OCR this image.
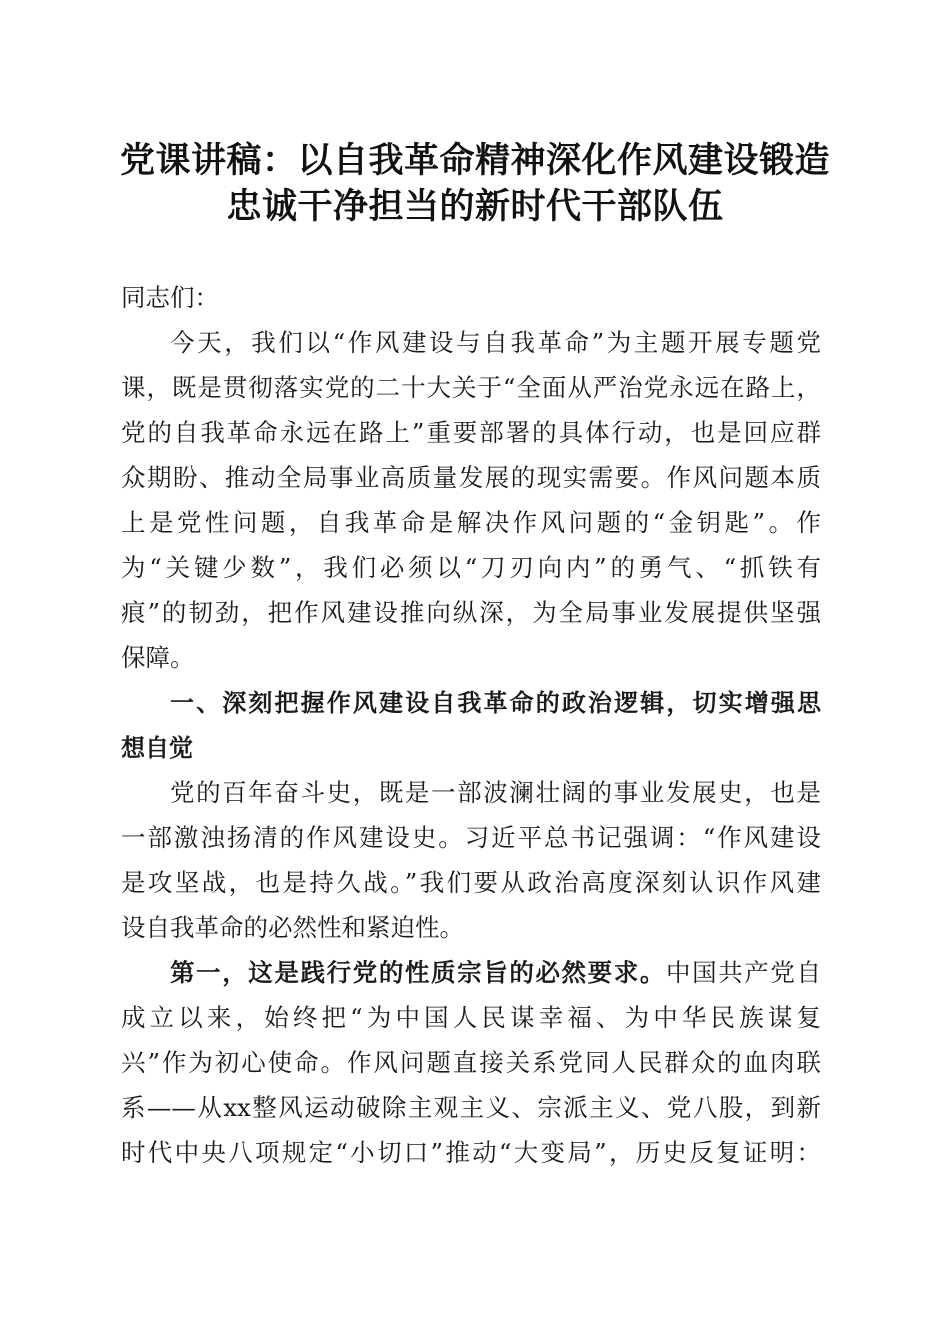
党课讲稿：以自我革命精神深化作风建设锻造
忠诚干净担当的新时代干部队伍
同志们：
今天，我们以“作风建设与自我革命”为主题开展专题党
课，既是贯彻落实党的二十大关于“全面从严治党永远在路上，
党的自我革命永远在路上”重要部署的具体行动，也是回应群
众期盼、推动全局事业高质量发展的现实需要。作风问题本质
上是党性问题，自我革命是解决作风问题的“金钥匙”。作
为“关键少数”，我们必须以“刀刃向内”的勇气、“抓铁有
痕”的韧劲，把作风建设推向纵深，为全局事业发展提供坚强
保障。
一、深刻把握作风建设自我革命的政治逻辑，切实增强思
想自觉
党的百年奋斗史，既是一部波澜壮阔的事业发展史，也是
一部激浊扬清的作风建设史。习近平总书记强调：“作风建设
是攻坚战，也是持久战。”我们要从政治高度深刻认识作风建
设自我革命的必然性和紧迫性。
第一，这是践行党的性质宗旨的必然要求。中国共产党自
成立以来，始终把“为中国人民谋幸福、为中华民族谋复
兴”作为初心使命。作风问题直接关系党同人民群众的血肉联
系——从xx整风运动破除主观主义、宗派主义、党八股，到新
时代中央八项规定“小切口”推动“大变局”，历史反复证明：
